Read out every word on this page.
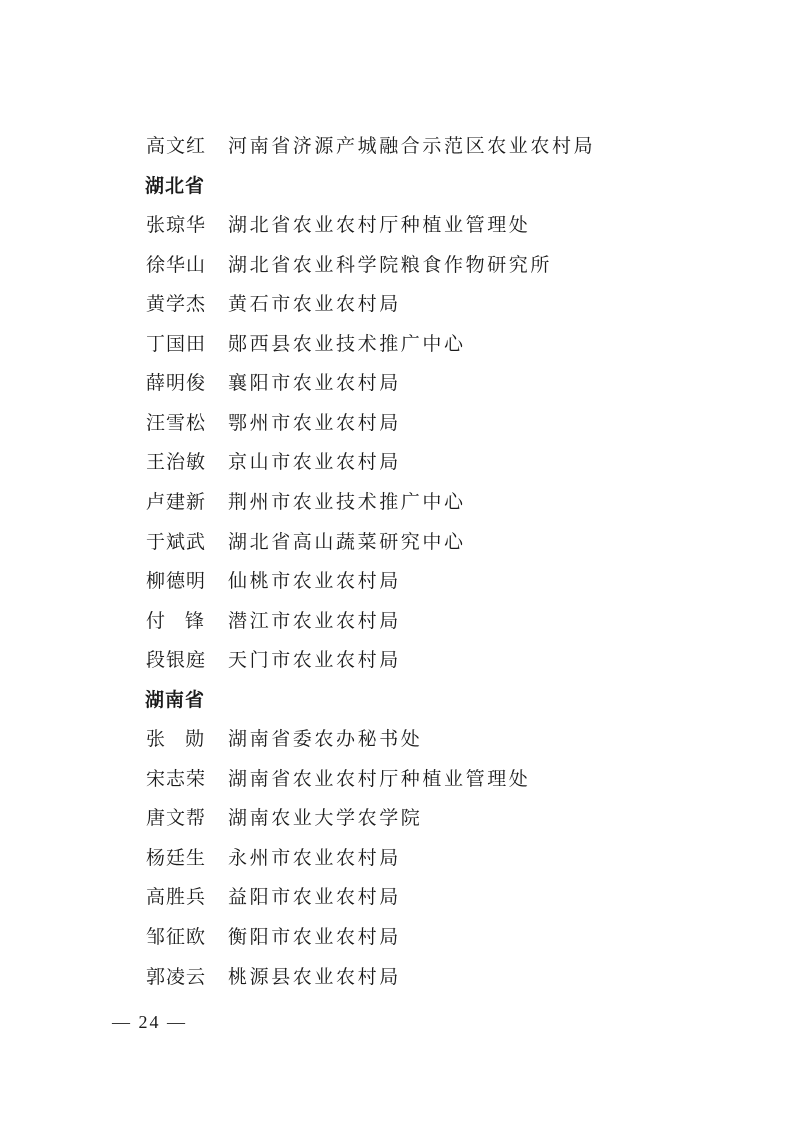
高文红 河南省济源产城融合示范区农业农村局
湖北省
张琼华 湖北省农业农村厅种植业管理处
徐华山 湖北省农业科学院粮食作物研究所
黄学杰 黄石市农业农村局
丁国田 郧西县农业技术推广中心
薛明俊 襄阳市农业农村局
汪雪松 鄂州市农业农村局
王治敏 京山市农业农村局
卢建新 荆州市农业技术推广中心
于斌武 湖北省高山蔬菜研究中心
柳德明 仙桃市农业农村局
付锋 潜江市农业农村局
段银庭 天门市农业农村局
湖南省
张勋 湖南省委农办秘书处
宋志荣 湖南省农业农村厅种植业管理处
唐文帮 湖南农业大学农学院
杨廷生 永州市农业农村局
高胜兵 益阳市农业农村局
邹征欧 衡阳市农业农村局
郭凌云 桃源县农业农村局
— 24 —
